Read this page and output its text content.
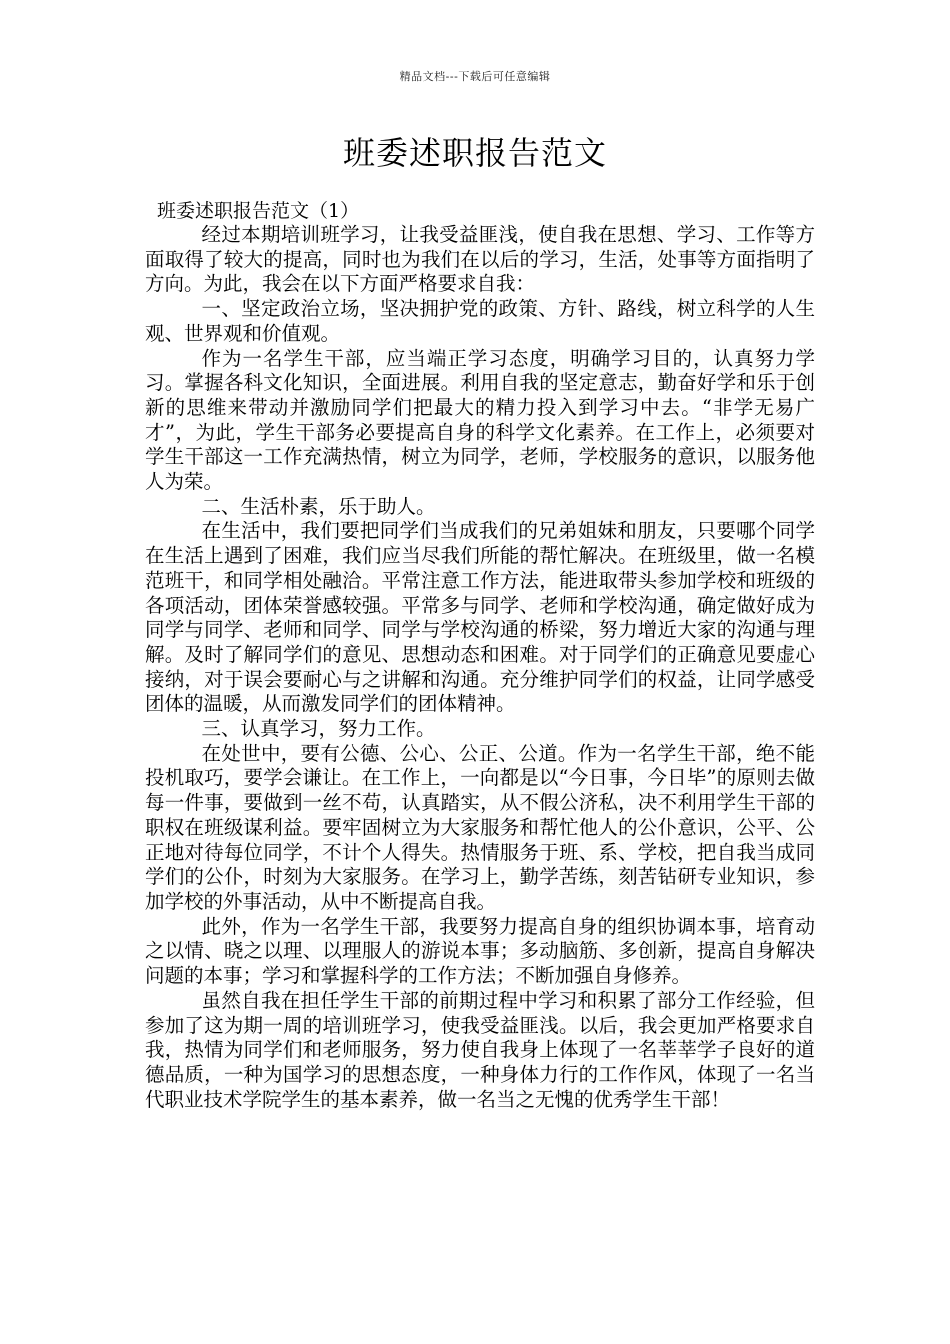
精品文档---下载后可任意编辑
班委述职报告范文
班委述职报告范文（1）

经过本期培训班学习，让我受益匪浅，使自我在思想、学习、工作等方面取得了较大的提高，同时也为我们在以后的学习，生活，处事等方面指明了方向。为此，我会在以下方面严格要求自我：

一、坚定政治立场，坚决拥护党的政策、方针、路线，树立科学的人生观、世界观和价值观。

作为一名学生干部，应当端正学习态度，明确学习目的，认真努力学习。掌握各科文化知识，全面进展。利用自我的坚定意志，勤奋好学和乐于创新的思维来带动并激励同学们把最大的精力投入到学习中去。“非学无易广才”，为此，学生干部务必要提高自身的科学文化素养。在工作上，必须要对学生干部这一工作充满热情，树立为同学，老师，学校服务的意识，以服务他人为荣。

二、生活朴素，乐于助人。

在生活中，我们要把同学们当成我们的兄弟姐妹和朋友，只要哪个同学在生活上遇到了困难，我们应当尽我们所能的帮忙解决。在班级里，做一名模范班干，和同学相处融洽。平常注意工作方法，能进取带头参加学校和班级的各项活动，团体荣誉感较强。平常多与同学、老师和学校沟通，确定做好成为同学与同学、老师和同学、同学与学校沟通的桥梁，努力增近大家的沟通与理解。及时了解同学们的意见、思想动态和困难。对于同学们的正确意见要虚心接纳，对于误会要耐心与之讲解和沟通。充分维护同学们的权益，让同学感受团体的温暖，从而激发同学们的团体精神。

三、认真学习，努力工作。

在处世中，要有公德、公心、公正、公道。作为一名学生干部，绝不能投机取巧，要学会谦让。在工作上，一向都是以“今日事，今日毕”的原则去做每一件事，要做到一丝不苟，认真踏实，从不假公济私，决不利用学生干部的职权在班级谋利益。要牢固树立为大家服务和帮忙他人的公仆意识，公平、公正地对待每位同学，不计个人得失。热情服务于班、系、学校，把自我当成同学们的公仆，时刻为大家服务。在学习上，勤学苦练，刻苦钻研专业知识，参加学校的外事活动，从中不断提高自我。

此外，作为一名学生干部，我要努力提高自身的组织协调本事，培育动之以情、晓之以理、以理服人的游说本事；多动脑筋、多创新，提高自身解决问题的本事；学习和掌握科学的工作方法；不断加强自身修养。

虽然自我在担任学生干部的前期过程中学习和积累了部分工作经验，但参加了这为期一周的培训班学习，使我受益匪浅。以后，我会更加严格要求自我，热情为同学们和老师服务，努力使自我身上体现了一名莘莘学子良好的道德品质，一种为国学习的思想态度，一种身体力行的工作作风，体现了一名当代职业技术学院学生的基本素养，做一名当之无愧的优秀学生干部！
